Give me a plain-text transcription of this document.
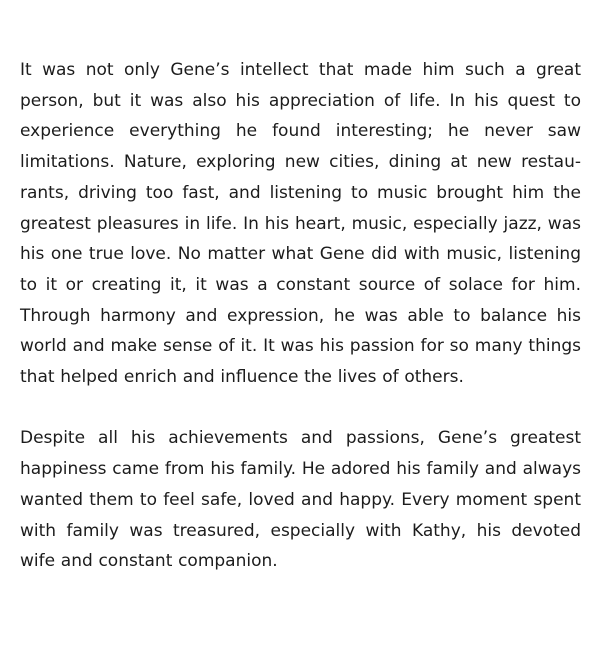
It was not only Gene’s intellect that made him such a great person, but it was also his appreciation of life. In his quest to experience everything he found interesting; he never saw limitations. Nature, exploring new cities, dining at new restaurants, driving too fast, and listening to music brought him the greatest pleasures in life. In his heart, music, especially jazz, was his one true love. No matter what Gene did with music, listening to it or creating it, it was a constant source of solace for him. Through harmony and expression, he was able to balance his world and make sense of it. It was his passion for so many things that helped enrich and influence the lives of others.

Despite all his achievements and passions, Gene’s greatest happiness came from his family. He adored his family and always wanted them to feel safe, loved and happy. Every moment spent with family was treasured, especially with Kathy, his devoted wife and constant companion.
